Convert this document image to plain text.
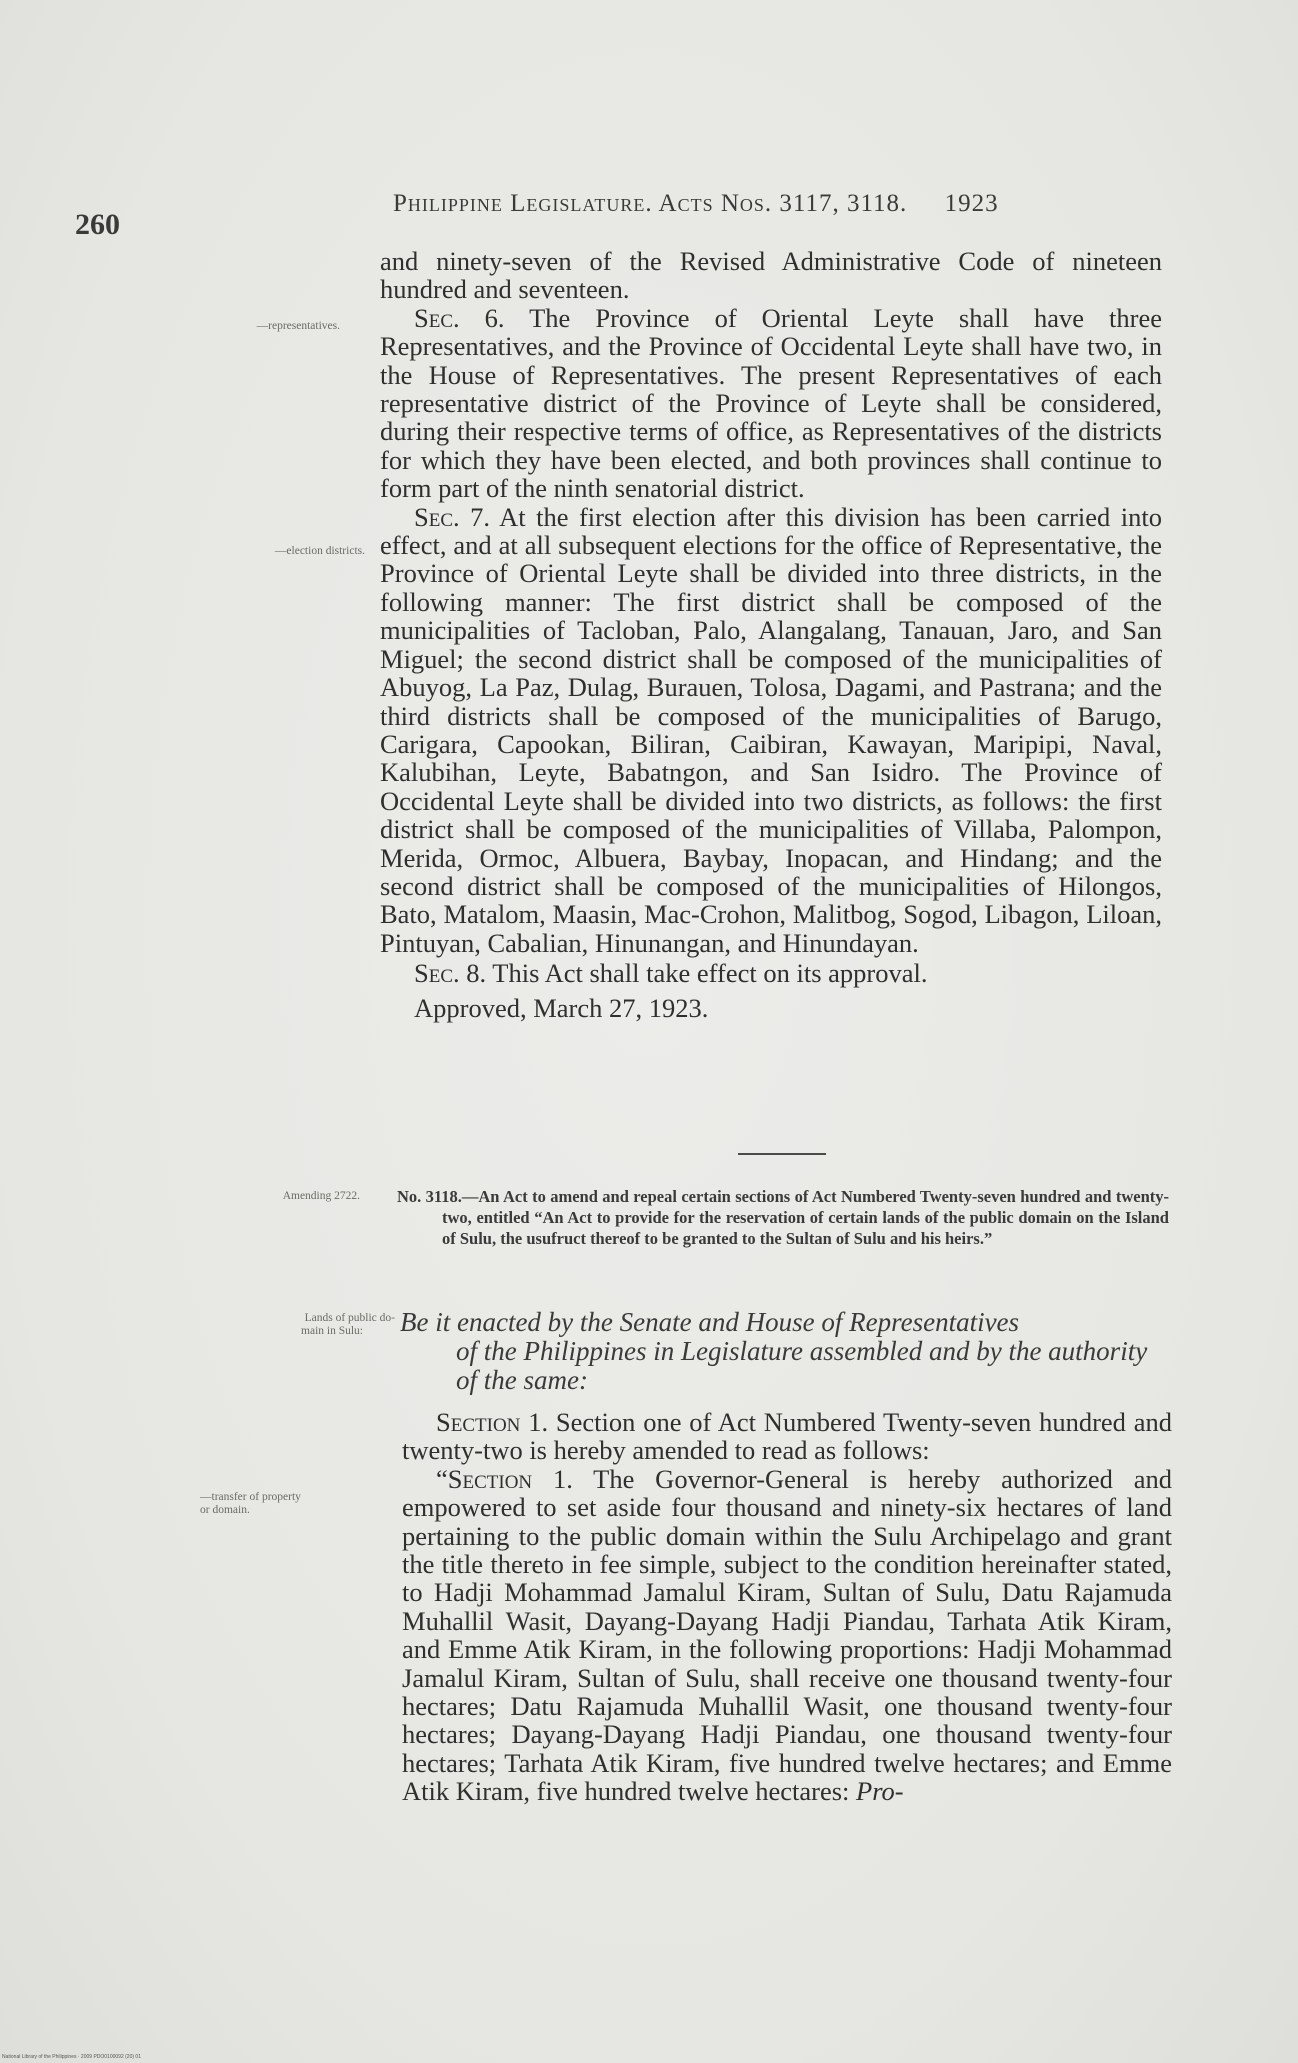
260
Philippine Legislature. Acts Nos. 3117, 3118. 1923
—representatives.
—election districts.
Amending 2722.
Lands of public do-
main in Sulu:
—transfer of property
or domain.

and ninety-seven of the Revised Administrative Code of nineteen hundred and seventeen.

Sec. 6. The Province of Oriental Leyte shall have three Representatives, and the Province of Occidental Leyte shall have two, in the House of Representatives. The present Representatives of each representative district of the Province of Leyte shall be considered, during their respective terms of office, as Representatives of the districts for which they have been elected, and both provinces shall continue to form part of the ninth senatorial district.

Sec. 7. At the first election after this division has been carried into effect, and at all subsequent elections for the office of Representative, the Province of Oriental Leyte shall be divided into three districts, in the following manner: The first district shall be composed of the municipalities of Tacloban, Palo, Alangalang, Tanauan, Jaro, and San Miguel; the second district shall be composed of the municipalities of Abuyog, La Paz, Dulag, Burauen, Tolosa, Dagami, and Pastrana; and the third districts shall be composed of the municipalities of Barugo, Carigara, Capookan, Biliran, Caibiran, Kawayan, Maripipi, Naval, Kalubihan, Leyte, Babatngon, and San Isidro. The Province of Occidental Leyte shall be divided into two districts, as follows: the first district shall be composed of the municipalities of Villaba, Palompon, Merida, Ormoc, Albuera, Baybay, Inopacan, and Hindang; and the second district shall be composed of the municipalities of Hilongos, Bato, Matalom, Maasin, Mac-Crohon, Malitbog, Sogod, Libagon, Liloan, Pintuyan, Cabalian, Hinunangan, and Hinundayan.

Sec. 8. This Act shall take effect on its approval.

Approved, March 27, 1923.

No. 3118.—An Act to amend and repeal certain sections of Act Numbered Twenty-seven hundred and twenty-two, entitled “An Act to provide for the reservation of certain lands of the public domain on the Island of Sulu, the usufruct thereof to be granted to the Sultan of Sulu and his heirs.”
Be it enacted by the Senate and House of Representatives
of the Philippines in Legislature assembled and by the authority of the same:

Section 1. Section one of Act Numbered Twenty-seven hundred and twenty-two is hereby amended to read as follows:

“Section 1. The Governor-General is hereby authorized and empowered to set aside four thousand and ninety-six hectares of land pertaining to the public domain within the Sulu Archipelago and grant the title thereto in fee simple, subject to the condition hereinafter stated, to Hadji Mohammad Jamalul Kiram, Sultan of Sulu, Datu Rajamuda Muhallil Wasit, Dayang-Dayang Hadji Piandau, Tarhata Atik Kiram, and Emme Atik Kiram, in the following proportions: Hadji Mohammad Jamalul Kiram, Sultan of Sulu, shall receive one thousand twenty-four hectares; Datu Rajamuda Muhallil Wasit, one thousand twenty-four hectares; Dayang-Dayang Hadji Piandau, one thousand twenty-four hectares; Tarhata Atik Kiram, five hundred twelve hectares; and Emme Atik Kiram, five hundred twelve hectares: Pro-

National Library of the Philippines · 2009 PDO0100092 (20) 01
